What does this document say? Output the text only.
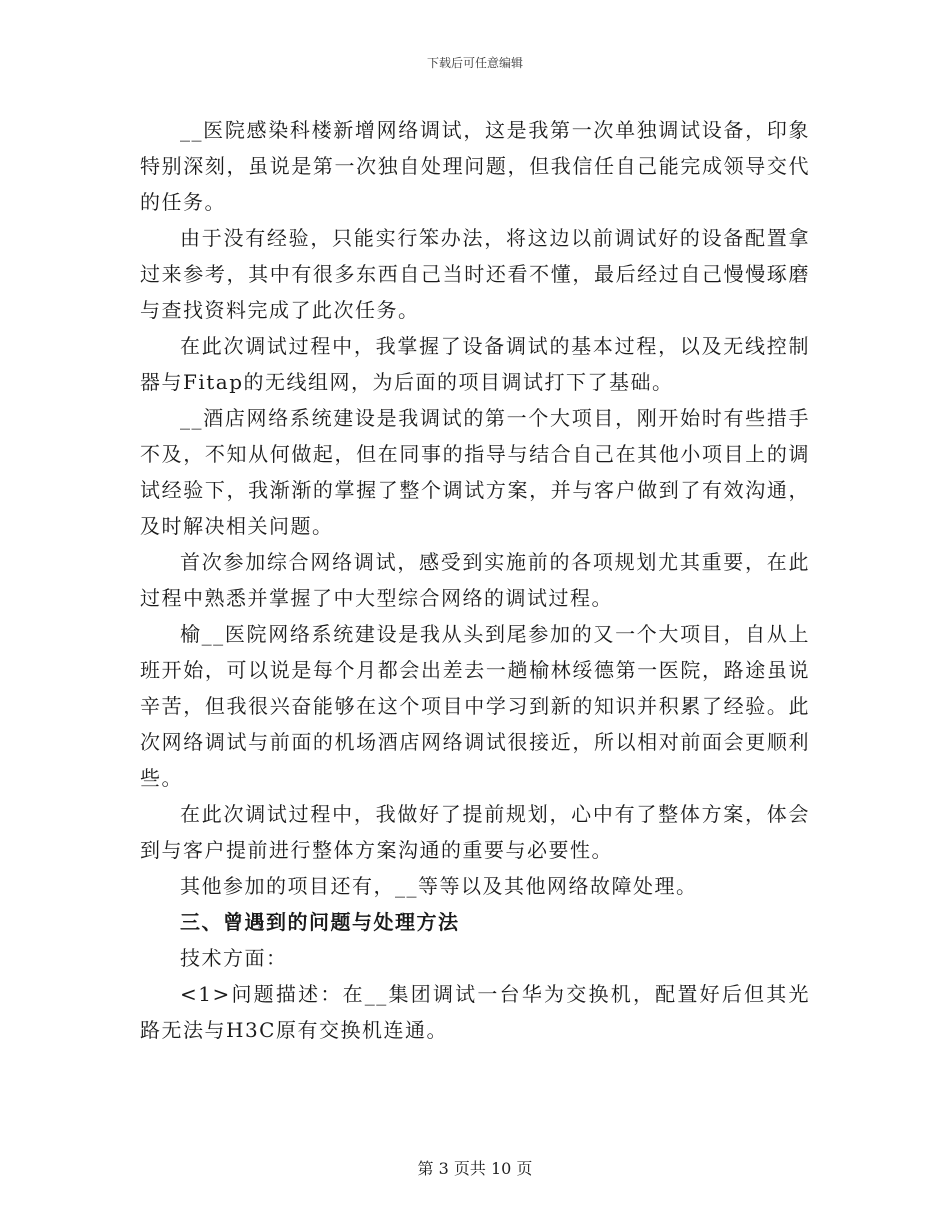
下载后可任意编辑

__医院感染科楼新增网络调试，这是我第一次单独调试设备，印象特别深刻，虽说是第一次独自处理问题，但我信任自己能完成领导交代的任务。

由于没有经验，只能实行笨办法，将这边以前调试好的设备配置拿过来参考，其中有很多东西自己当时还看不懂，最后经过自己慢慢琢磨与查找资料完成了此次任务。

在此次调试过程中，我掌握了设备调试的基本过程，以及无线控制器与Fitap的无线组网，为后面的项目调试打下了基础。

__酒店网络系统建设是我调试的第一个大项目，刚开始时有些措手不及，不知从何做起，但在同事的指导与结合自己在其他小项目上的调试经验下，我渐渐的掌握了整个调试方案，并与客户做到了有效沟通，及时解决相关问题。

首次参加综合网络调试，感受到实施前的各项规划尤其重要，在此过程中熟悉并掌握了中大型综合网络的调试过程。

榆__医院网络系统建设是我从头到尾参加的又一个大项目，自从上班开始，可以说是每个月都会出差去一趟榆林绥德第一医院，路途虽说辛苦，但我很兴奋能够在这个项目中学习到新的知识并积累了经验。此次网络调试与前面的机场酒店网络调试很接近，所以相对前面会更顺利些。

在此次调试过程中，我做好了提前规划，心中有了整体方案，体会到与客户提前进行整体方案沟通的重要与必要性。

其他参加的项目还有，__等等以及其他网络故障处理。

三、曾遇到的问题与处理方法

技术方面：

<1>问题描述：在__集团调试一台华为交换机，配置好后但其光路无法与H3C原有交换机连通。

第 3 页共 10 页
